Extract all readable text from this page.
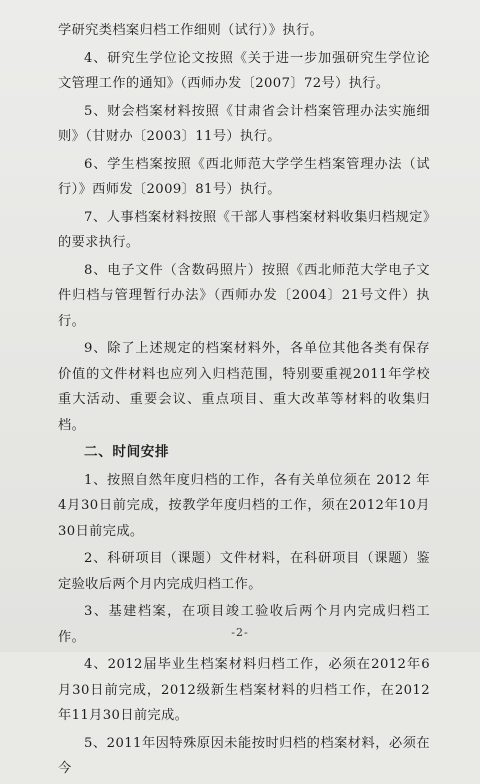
学研究类档案归档工作细则（试行）》执行。

4、研究生学位论文按照《关于进一步加强研究生学位论文管理工作的通知》（西师办发〔2007〕72号）执行。

5、财会档案材料按照《甘肃省会计档案管理办法实施细则》（甘财办〔2003〕11号）执行。

6、学生档案按照《西北师范大学学生档案管理办法（试行）》西师发〔2009〕81号）执行。

7、人事档案材料按照《干部人事档案材料收集归档规定》的要求执行。

8、电子文件（含数码照片）按照《西北师范大学电子文件归档与管理暂行办法》（西师办发〔2004〕21号文件）执行。

9、除了上述规定的档案材料外，各单位其他各类有保存价值的文件材料也应列入归档范围，特别要重视2011年学校重大活动、重要会议、重点项目、重大改革等材料的收集归档。

二、时间安排

1、按照自然年度归档的工作，各有关单位须在 2012 年 4月30日前完成，按教学年度归档的工作，须在2012年10月30日前完成。

2、科研项目（课题）文件材料，在科研项目（课题）鉴定验收后两个月内完成归档工作。

3、基建档案，在项目竣工验收后两个月内完成归档工作。

4、2012届毕业生档案材料归档工作，必须在2012年6月30日前完成，2012级新生档案材料的归档工作，在2012年11月30日前完成。

5、2011年因特殊原因未能按时归档的档案材料，必须在今

-2-
